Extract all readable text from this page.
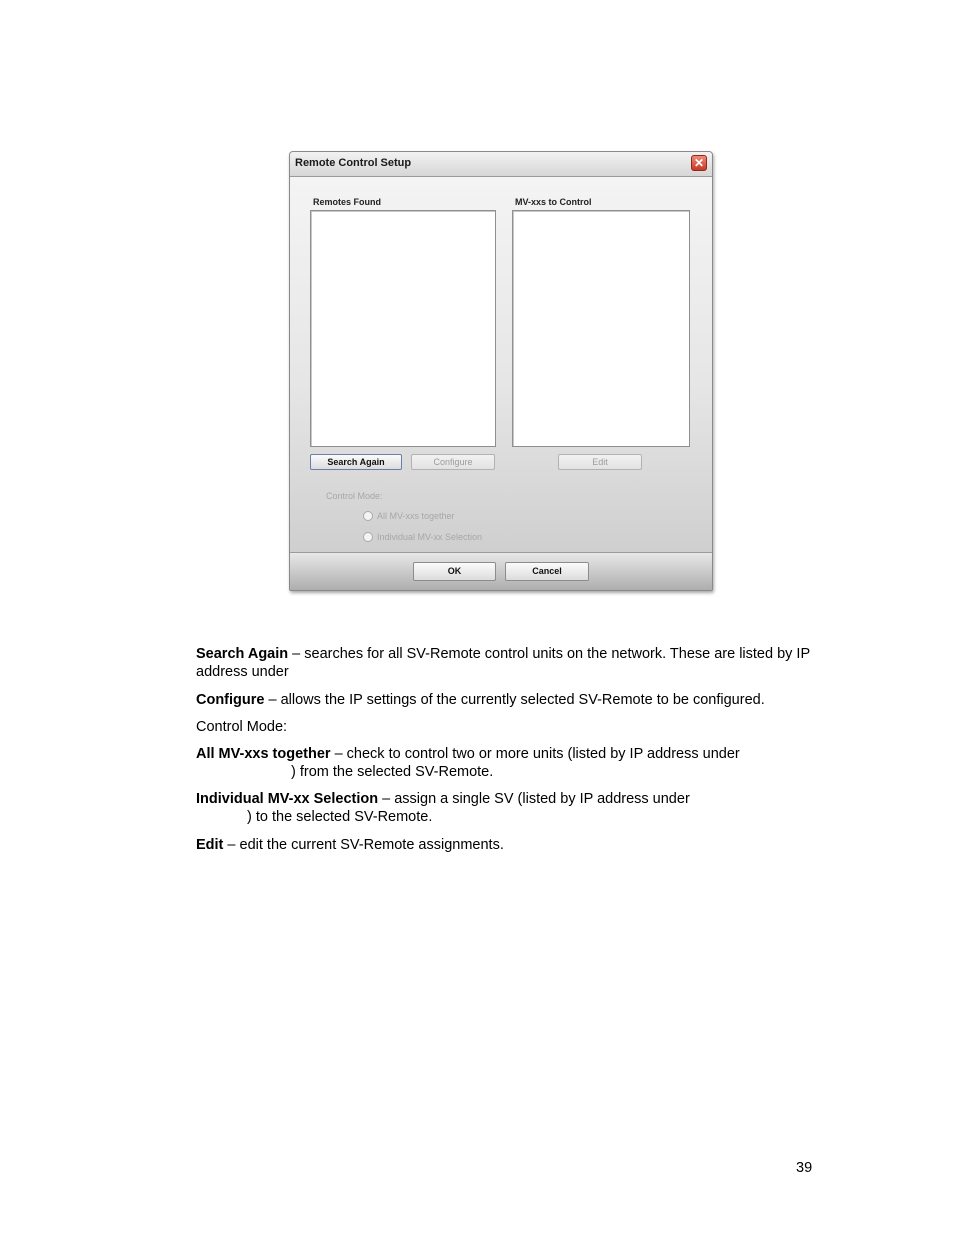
Remote Control Setup	✕
Remotes Found	MV-xxs to Control
Search Again	Configure	Edit
Control Mode:
All MV-xxs together
Individual MV-xx Selection
OK	Cancel
Search Again – searches for all SV-Remote control units on the network. These are listed by IP address under
Configure – allows the IP settings of the currently selected SV-Remote to be configured.
Control Mode:
All MV-xxs together – check to control two or more units (listed by IP address under
) from the selected SV-Remote.
Individual MV-xx Selection – assign a single SV (listed by IP address under
) to the selected SV-Remote.
Edit – edit the current SV-Remote assignments.
39
